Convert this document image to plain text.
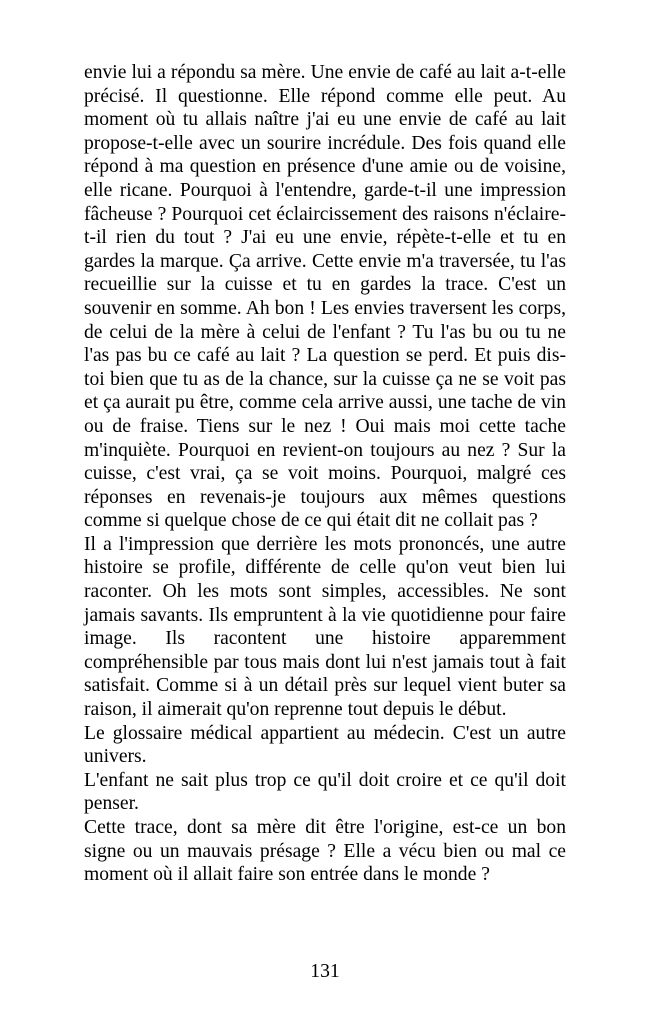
envie lui a répondu sa mère. Une envie de café au lait a-t-elle précisé. Il questionne. Elle répond comme elle peut. Au moment où tu allais naître j'ai eu une envie de café au lait propose-t-elle avec un sourire incrédule. Des fois quand elle répond à ma question en présence d'une amie ou de voisine, elle ricane. Pourquoi à l'entendre, garde-t-il une impression fâcheuse ? Pourquoi cet éclaircissement des raisons n'éclaire-t-il rien du tout ? J'ai eu une envie, répète-t-elle et tu en gardes la marque. Ça arrive. Cette envie m'a traversée, tu l'as recueillie sur la cuisse et tu en gardes la trace. C'est un souvenir en somme. Ah bon ! Les envies traversent les corps, de celui de la mère à celui de l'enfant ? Tu l'as bu ou tu ne l'as pas bu ce café au lait ? La question se perd. Et puis dis-toi bien que tu as de la chance, sur la cuisse ça ne se voit pas et ça aurait pu être, comme cela arrive aussi, une tache de vin ou de fraise. Tiens sur le nez ! Oui mais moi cette tache m'inquiète. Pourquoi en revient-on toujours au nez ? Sur la cuisse, c'est vrai, ça se voit moins. Pourquoi, malgré ces réponses en revenais-je toujours aux mêmes questions comme si quelque chose de ce qui était dit ne collait pas ?

Il a l'impression que derrière les mots prononcés, une autre histoire se profile, différente de celle qu'on veut bien lui raconter. Oh les mots sont simples, accessibles. Ne sont jamais savants. Ils empruntent à la vie quotidienne pour faire image. Ils racontent une histoire apparemment compréhensible par tous mais dont lui n'est jamais tout à fait satisfait. Comme si à un détail près sur lequel vient buter sa raison, il aimerait qu'on reprenne tout depuis le début.

Le glossaire médical appartient au médecin. C'est un autre univers.

L'enfant ne sait plus trop ce qu'il doit croire et ce qu'il doit penser.

Cette trace, dont sa mère dit être l'origine, est-ce un bon signe ou un mauvais présage ? Elle a vécu bien ou mal ce moment où il allait faire son entrée dans le monde ?

131
